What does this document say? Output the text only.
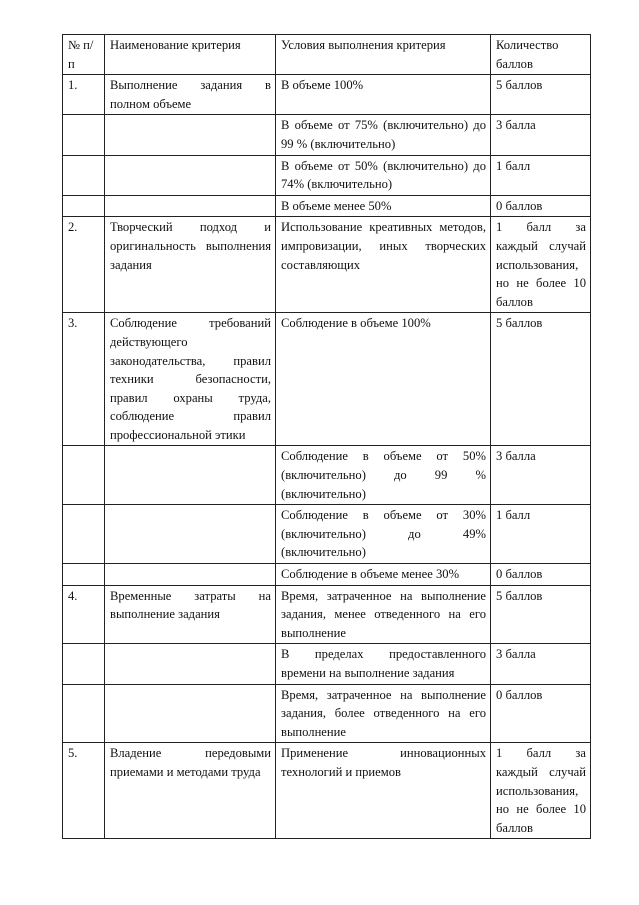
№ п/п	Наименование критерия	Условия выполнения критерия	Количество баллов
1.	Выполнение задания в полном объеме	В объеме 100%	5 баллов
		В объеме от 75% (включительно) до 99 % (включительно)	3 балла
		В объеме от 50% (включительно) до 74% (включительно)	1 балл
		В объеме менее 50%	0 баллов
2.	Творческий подход и оригинальность выполнения задания	Использование креативных методов, импровизации, иных творческих составляющих	1 балл за каждый случай использования, но не более 10 баллов
3.	Соблюдение требований действующего законодательства, правил техники безопасности, правил охраны труда, соблюдение правил профессиональной этики	Соблюдение в объеме 100%	5 баллов
		Соблюдение в объеме от 50% (включительно) до 99 % (включительно)	3 балла
		Соблюдение в объеме от 30% (включительно) до 49% (включительно)	1 балл
		Соблюдение в объеме менее 30%	0 баллов
4.	Временные затраты на выполнение задания	Время, затраченное на выполнение задания, менее отведенного на его выполнение	5 баллов
		В пределах предоставленного времени на выполнение задания	3 балла
		Время, затраченное на выполнение задания, более отведенного на его выполнение	0 баллов
5.	Владение передовыми приемами и методами труда	Применение инновационных технологий и приемов	1 балл за каждый случай использования, но не более 10 баллов
